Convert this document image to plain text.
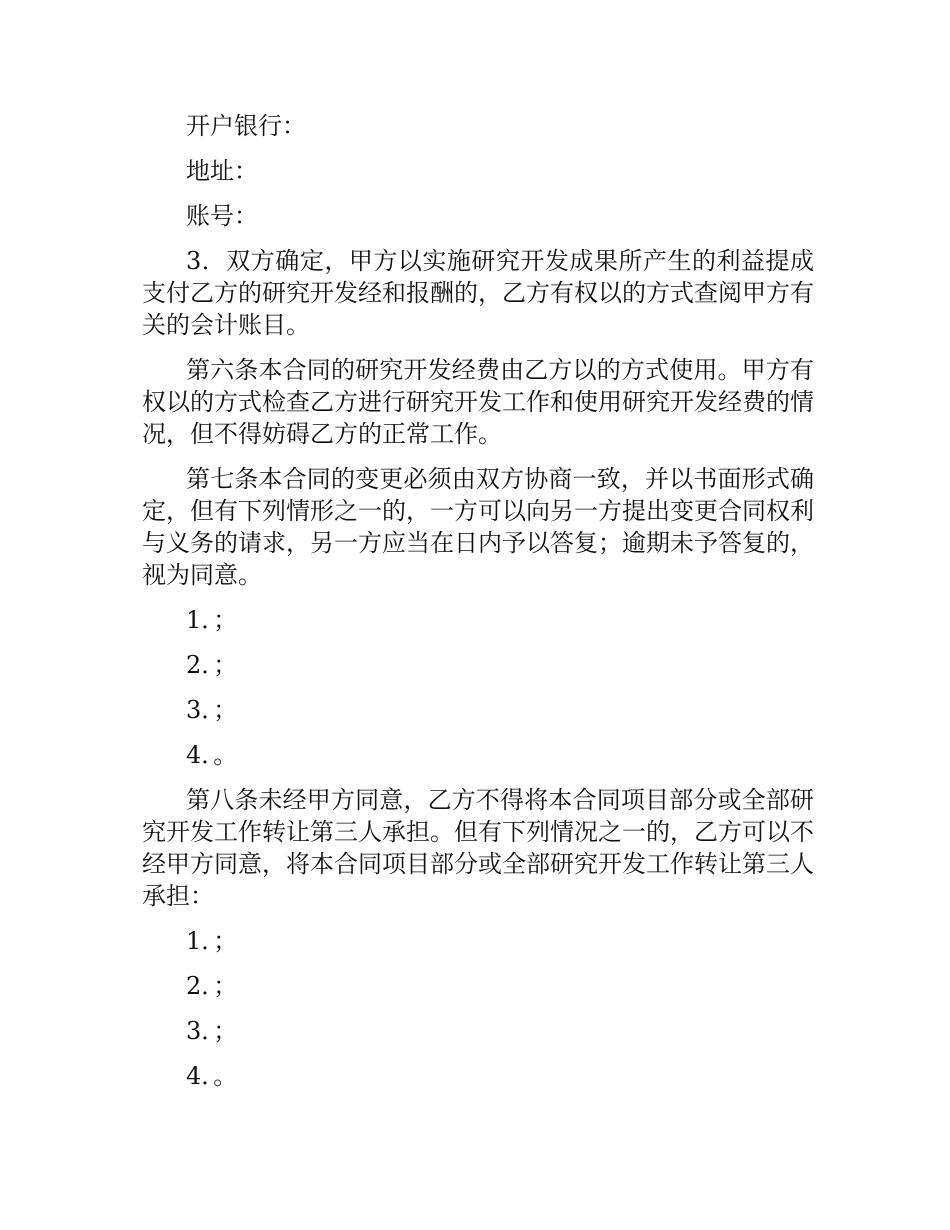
开户银行：

地址：

账号：

3．双方确定，甲方以实施研究开发成果所产生的利益提成支付乙方的研究开发经和报酬的，乙方有权以的方式查阅甲方有关的会计账目。

第六条本合同的研究开发经费由乙方以的方式使用。甲方有权以的方式检查乙方进行研究开发工作和使用研究开发经费的情况，但不得妨碍乙方的正常工作。

第七条本合同的变更必须由双方协商一致，并以书面形式确定，但有下列情形之一的，一方可以向另一方提出变更合同权利与义务的请求，另一方应当在日内予以答复；逾期未予答复的，视为同意。

1．；

2．；

3．；

4．。

第八条未经甲方同意，乙方不得将本合同项目部分或全部研究开发工作转让第三人承担。但有下列情况之一的，乙方可以不经甲方同意，将本合同项目部分或全部研究开发工作转让第三人承担：

1．；

2．；

3．；

4．。
